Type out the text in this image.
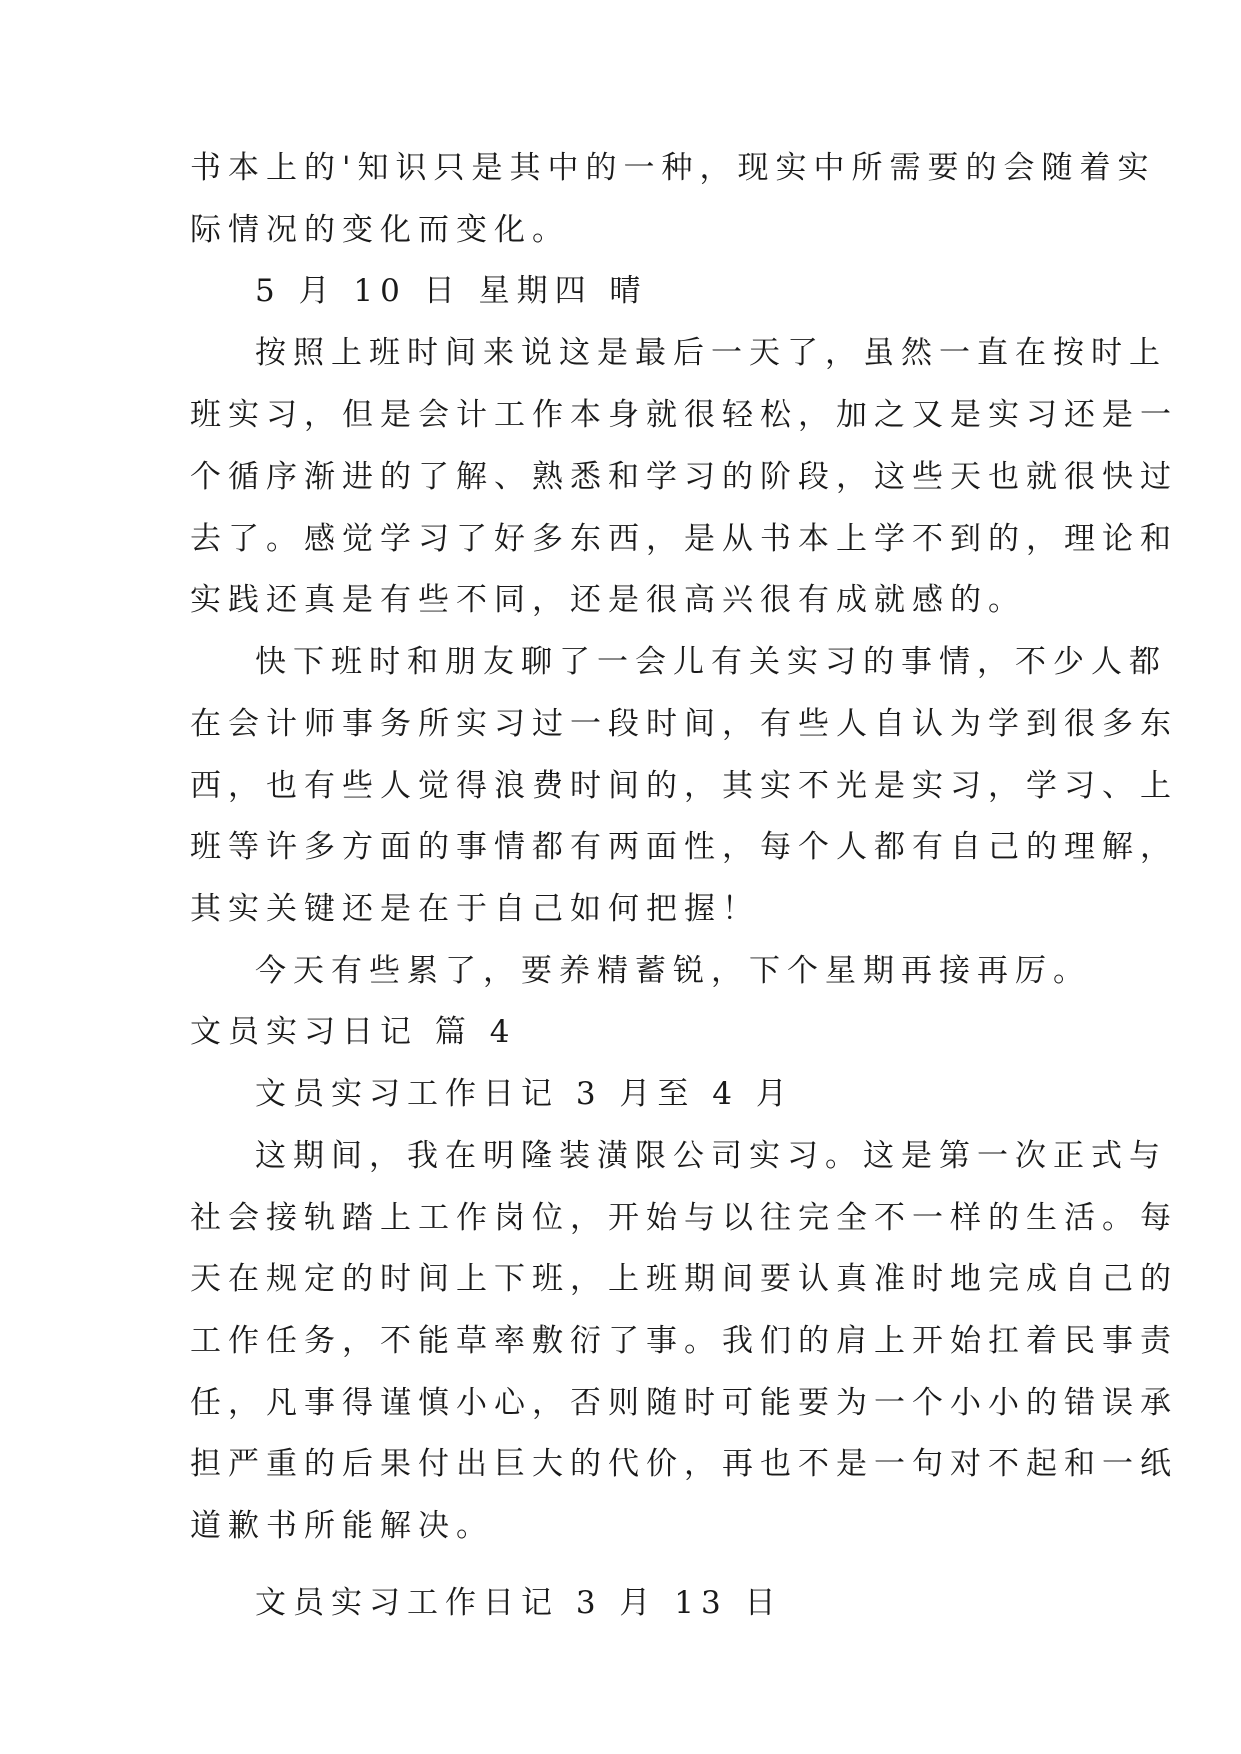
书本上的'知识只是其中的一种，现实中所需要的会随着实
际情况的变化而变化。
5 月 10 日 星期四 晴
按照上班时间来说这是最后一天了，虽然一直在按时上
班实习，但是会计工作本身就很轻松，加之又是实习还是一
个循序渐进的了解、熟悉和学习的阶段，这些天也就很快过
去了。感觉学习了好多东西，是从书本上学不到的，理论和
实践还真是有些不同，还是很高兴很有成就感的。
快下班时和朋友聊了一会儿有关实习的事情，不少人都
在会计师事务所实习过一段时间，有些人自认为学到很多东
西，也有些人觉得浪费时间的，其实不光是实习，学习、上
班等许多方面的事情都有两面性，每个人都有自己的理解，
其实关键还是在于自己如何把握！
今天有些累了，要养精蓄锐，下个星期再接再厉。
文员实习日记 篇 4
文员实习工作日记 3 月至 4 月
这期间，我在明隆装潢限公司实习。这是第一次正式与
社会接轨踏上工作岗位，开始与以往完全不一样的生活。每
天在规定的时间上下班，上班期间要认真准时地完成自己的
工作任务，不能草率敷衍了事。我们的肩上开始扛着民事责
任，凡事得谨慎小心，否则随时可能要为一个小小的错误承
担严重的后果付出巨大的代价，再也不是一句对不起和一纸
道歉书所能解决。
文员实习工作日记 3 月 13 日
